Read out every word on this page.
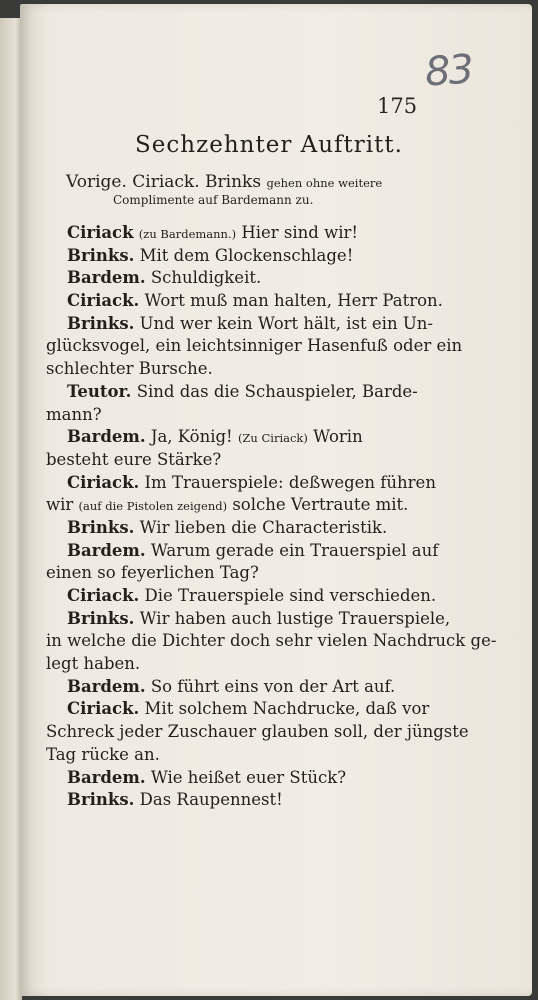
83
175
Sechzehnter Auftritt.
Vorige. Ciriack. Brinks gehen ohne weitere
Complimente auf Bardemann zu.
Ciriack (zu Bardemann.) Hier sind wir!
Brinks. Mit dem Glockenschlage!
Bardem. Schuldigkeit.
Ciriack. Wort muß man halten, Herr Patron.
Brinks. Und wer kein Wort hält, ist ein Un-
glücksvogel, ein leichtsinniger Hasenfuß oder ein
schlechter Bursche.
Teutor. Sind das die Schauspieler, Barde-
mann?
Bardem. Ja, König! (Zu Ciriack) Worin
besteht eure Stärke?
Ciriack. Im Trauerspiele: deßwegen führen
wir (auf die Pistolen zeigend) solche Vertraute mit.
Brinks. Wir lieben die Characteristik.
Bardem. Warum gerade ein Trauerspiel auf
einen so feyerlichen Tag?
Ciriack. Die Trauerspiele sind verschieden.
Brinks. Wir haben auch lustige Trauerspiele,
in welche die Dichter doch sehr vielen Nachdruck ge-
legt haben.
Bardem. So führt eins von der Art auf.
Ciriack. Mit solchem Nachdrucke, daß vor
Schreck jeder Zuschauer glauben soll, der jüngste
Tag rücke an.
Bardem. Wie heißet euer Stück?
Brinks. Das Raupennest!
